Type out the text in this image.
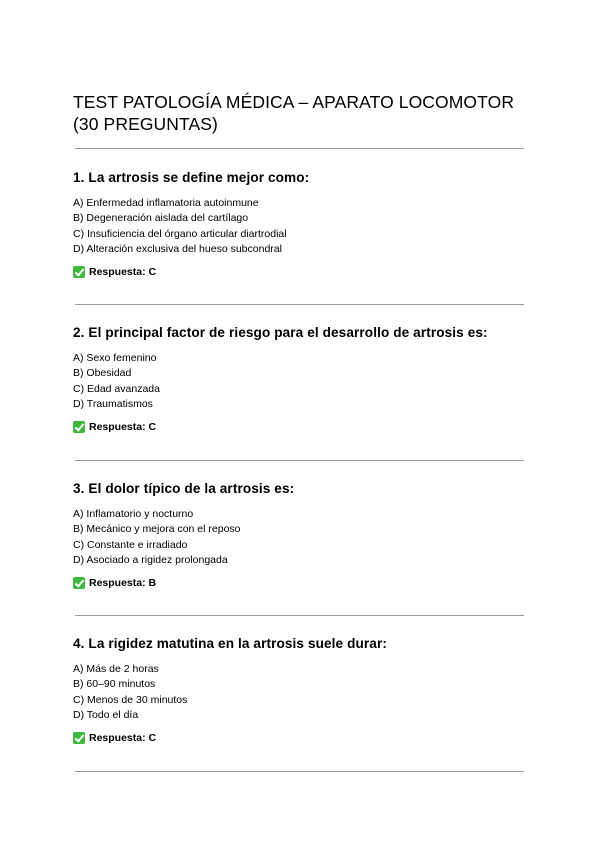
TEST PATOLOGÍA MÉDICA – APARATO LOCOMOTOR (30 PREGUNTAS)

1. La artrosis se define mejor como:

A) Enfermedad inflamatoria autoinmune
B) Degeneración aislada del cartílago
C) Insuficiencia del órgano articular diartrodial
D) Alteración exclusiva del hueso subcondral
Respuesta: C

2. El principal factor de riesgo para el desarrollo de artrosis es:

A) Sexo femenino
B) Obesidad
C) Edad avanzada
D) Traumatismos
Respuesta: C

3. El dolor típico de la artrosis es:

A) Inflamatorio y nocturno
B) Mecánico y mejora con el reposo
C) Constante e irradiado
D) Asociado a rigidez prolongada
Respuesta: B

4. La rigidez matutina en la artrosis suele durar:

A) Más de 2 horas
B) 60–90 minutos
C) Menos de 30 minutos
D) Todo el día
Respuesta: C
